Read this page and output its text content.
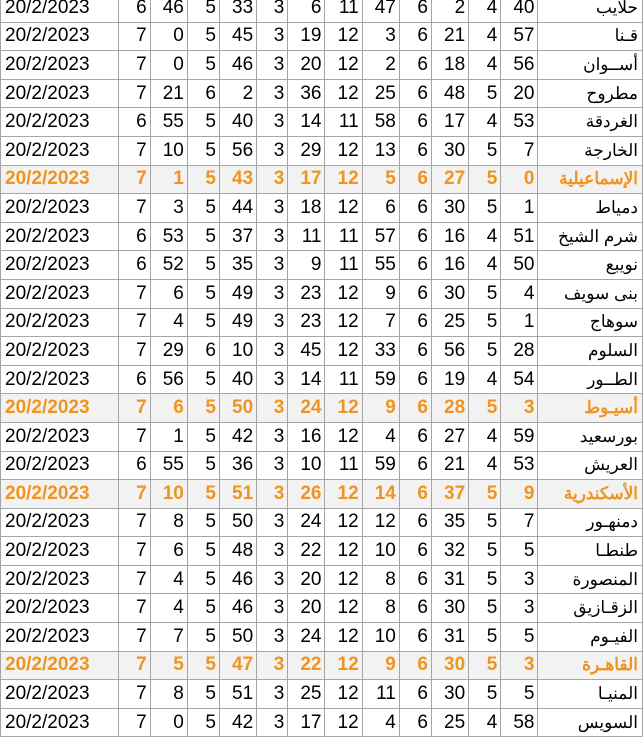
20/2/2023	6	46	5	33	3	6	11	47	6	2	4	40	حلايب
20/2/2023	7	0	5	45	3	19	12	3	6	21	4	57	قـنا
20/2/2023	7	0	5	46	3	20	12	2	6	18	4	56	أســوان
20/2/2023	7	21	6	2	3	36	12	25	6	48	5	20	مطروح
20/2/2023	6	55	5	40	3	14	11	58	6	17	4	53	الغردقة
20/2/2023	7	10	5	56	3	29	12	13	6	30	5	7	الخارجة
20/2/2023	7	1	5	43	3	17	12	5	6	27	5	0	الإسماعيلية
20/2/2023	7	3	5	44	3	18	12	6	6	30	5	1	دمياط
20/2/2023	6	53	5	37	3	11	11	57	6	16	4	51	شرم الشيخ
20/2/2023	6	52	5	35	3	9	11	55	6	16	4	50	نويبع
20/2/2023	7	6	5	49	3	23	12	9	6	30	5	4	بنى سويف
20/2/2023	7	4	5	49	3	23	12	7	6	25	5	1	سوهاج
20/2/2023	7	29	6	10	3	45	12	33	6	56	5	28	السلوم
20/2/2023	6	56	5	40	3	14	11	59	6	19	4	54	الطــور
20/2/2023	7	6	5	50	3	24	12	9	6	28	5	3	أسيـوط
20/2/2023	7	1	5	42	3	16	12	4	6	27	4	59	بورسعيد
20/2/2023	6	55	5	36	3	10	11	59	6	21	4	53	العريش
20/2/2023	7	10	5	51	3	26	12	14	6	37	5	9	الأسكندرية
20/2/2023	7	8	5	50	3	24	12	12	6	35	5	7	دمنهـور
20/2/2023	7	6	5	48	3	22	12	10	6	32	5	5	طنطـا
20/2/2023	7	4	5	46	3	20	12	8	6	31	5	3	المنصورة
20/2/2023	7	4	5	46	3	20	12	8	6	30	5	3	الزقـازيق
20/2/2023	7	7	5	50	3	24	12	10	6	31	5	5	الفيـوم
20/2/2023	7	5	5	47	3	22	12	9	6	30	5	3	القاهـرة
20/2/2023	7	8	5	51	3	25	12	11	6	30	5	5	المنيـا
20/2/2023	7	0	5	42	3	17	12	4	6	25	4	58	السويس
